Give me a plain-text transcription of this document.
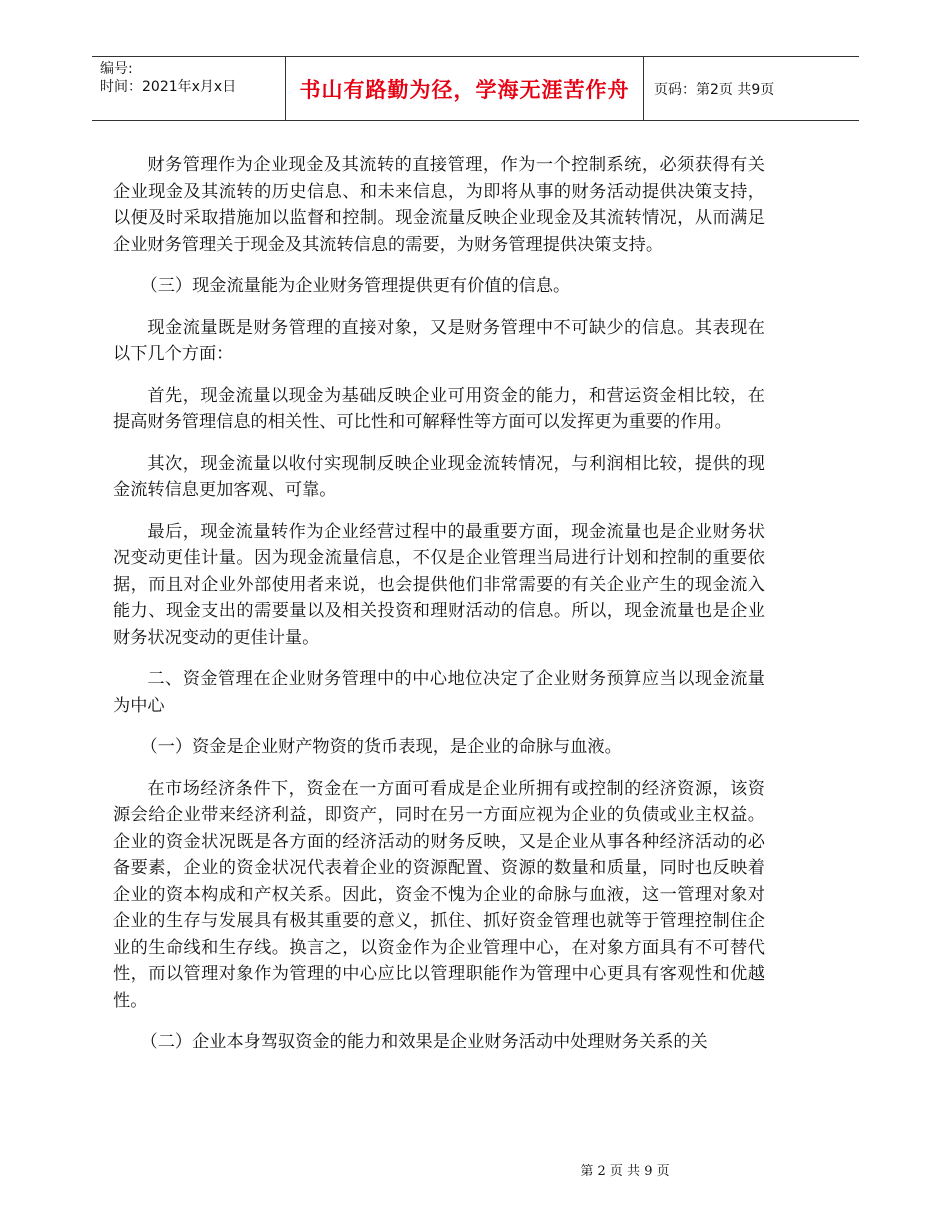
编号:
时间：2021年x月x日	书山有路勤为径，学海无涯苦作舟	页码：第2页 共9页

财务管理作为企业现金及其流转的直接管理，作为一个控制系统，必须获得有关企业现金及其流转的历史信息、和未来信息，为即将从事的财务活动提供决策支持，以便及时采取措施加以监督和控制。现金流量反映企业现金及其流转情况，从而满足企业财务管理关于现金及其流转信息的需要，为财务管理提供决策支持。

（三）现金流量能为企业财务管理提供更有价值的信息。

现金流量既是财务管理的直接对象，又是财务管理中不可缺少的信息。其表现在以下几个方面：

首先，现金流量以现金为基础反映企业可用资金的能力，和营运资金相比较，在提高财务管理信息的相关性、可比性和可解释性等方面可以发挥更为重要的作用。

其次，现金流量以收付实现制反映企业现金流转情况，与利润相比较，提供的现金流转信息更加客观、可靠。

最后，现金流量转作为企业经营过程中的最重要方面，现金流量也是企业财务状况变动更佳计量。因为现金流量信息，不仅是企业管理当局进行计划和控制的重要依据，而且对企业外部使用者来说，也会提供他们非常需要的有关企业产生的现金流入能力、现金支出的需要量以及相关投资和理财活动的信息。所以，现金流量也是企业财务状况变动的更佳计量。

二、资金管理在企业财务管理中的中心地位决定了企业财务预算应当以现金流量为中心

（一）资金是企业财产物资的货币表现，是企业的命脉与血液。

在市场经济条件下，资金在一方面可看成是企业所拥有或控制的经济资源，该资源会给企业带来经济利益，即资产，同时在另一方面应视为企业的负债或业主权益。企业的资金状况既是各方面的经济活动的财务反映，又是企业从事各种经济活动的必备要素，企业的资金状况代表着企业的资源配置、资源的数量和质量，同时也反映着企业的资本构成和产权关系。因此，资金不愧为企业的命脉与血液，这一管理对象对企业的生存与发展具有极其重要的意义，抓住、抓好资金管理也就等于管理控制住企业的生命线和生存线。换言之，以资金作为企业管理中心，在对象方面具有不可替代性，而以管理对象作为管理的中心应比以管理职能作为管理中心更具有客观性和优越性。

（二）企业本身驾驭资金的能力和效果是企业财务活动中处理财务关系的关

第 2 页 共 9 页
